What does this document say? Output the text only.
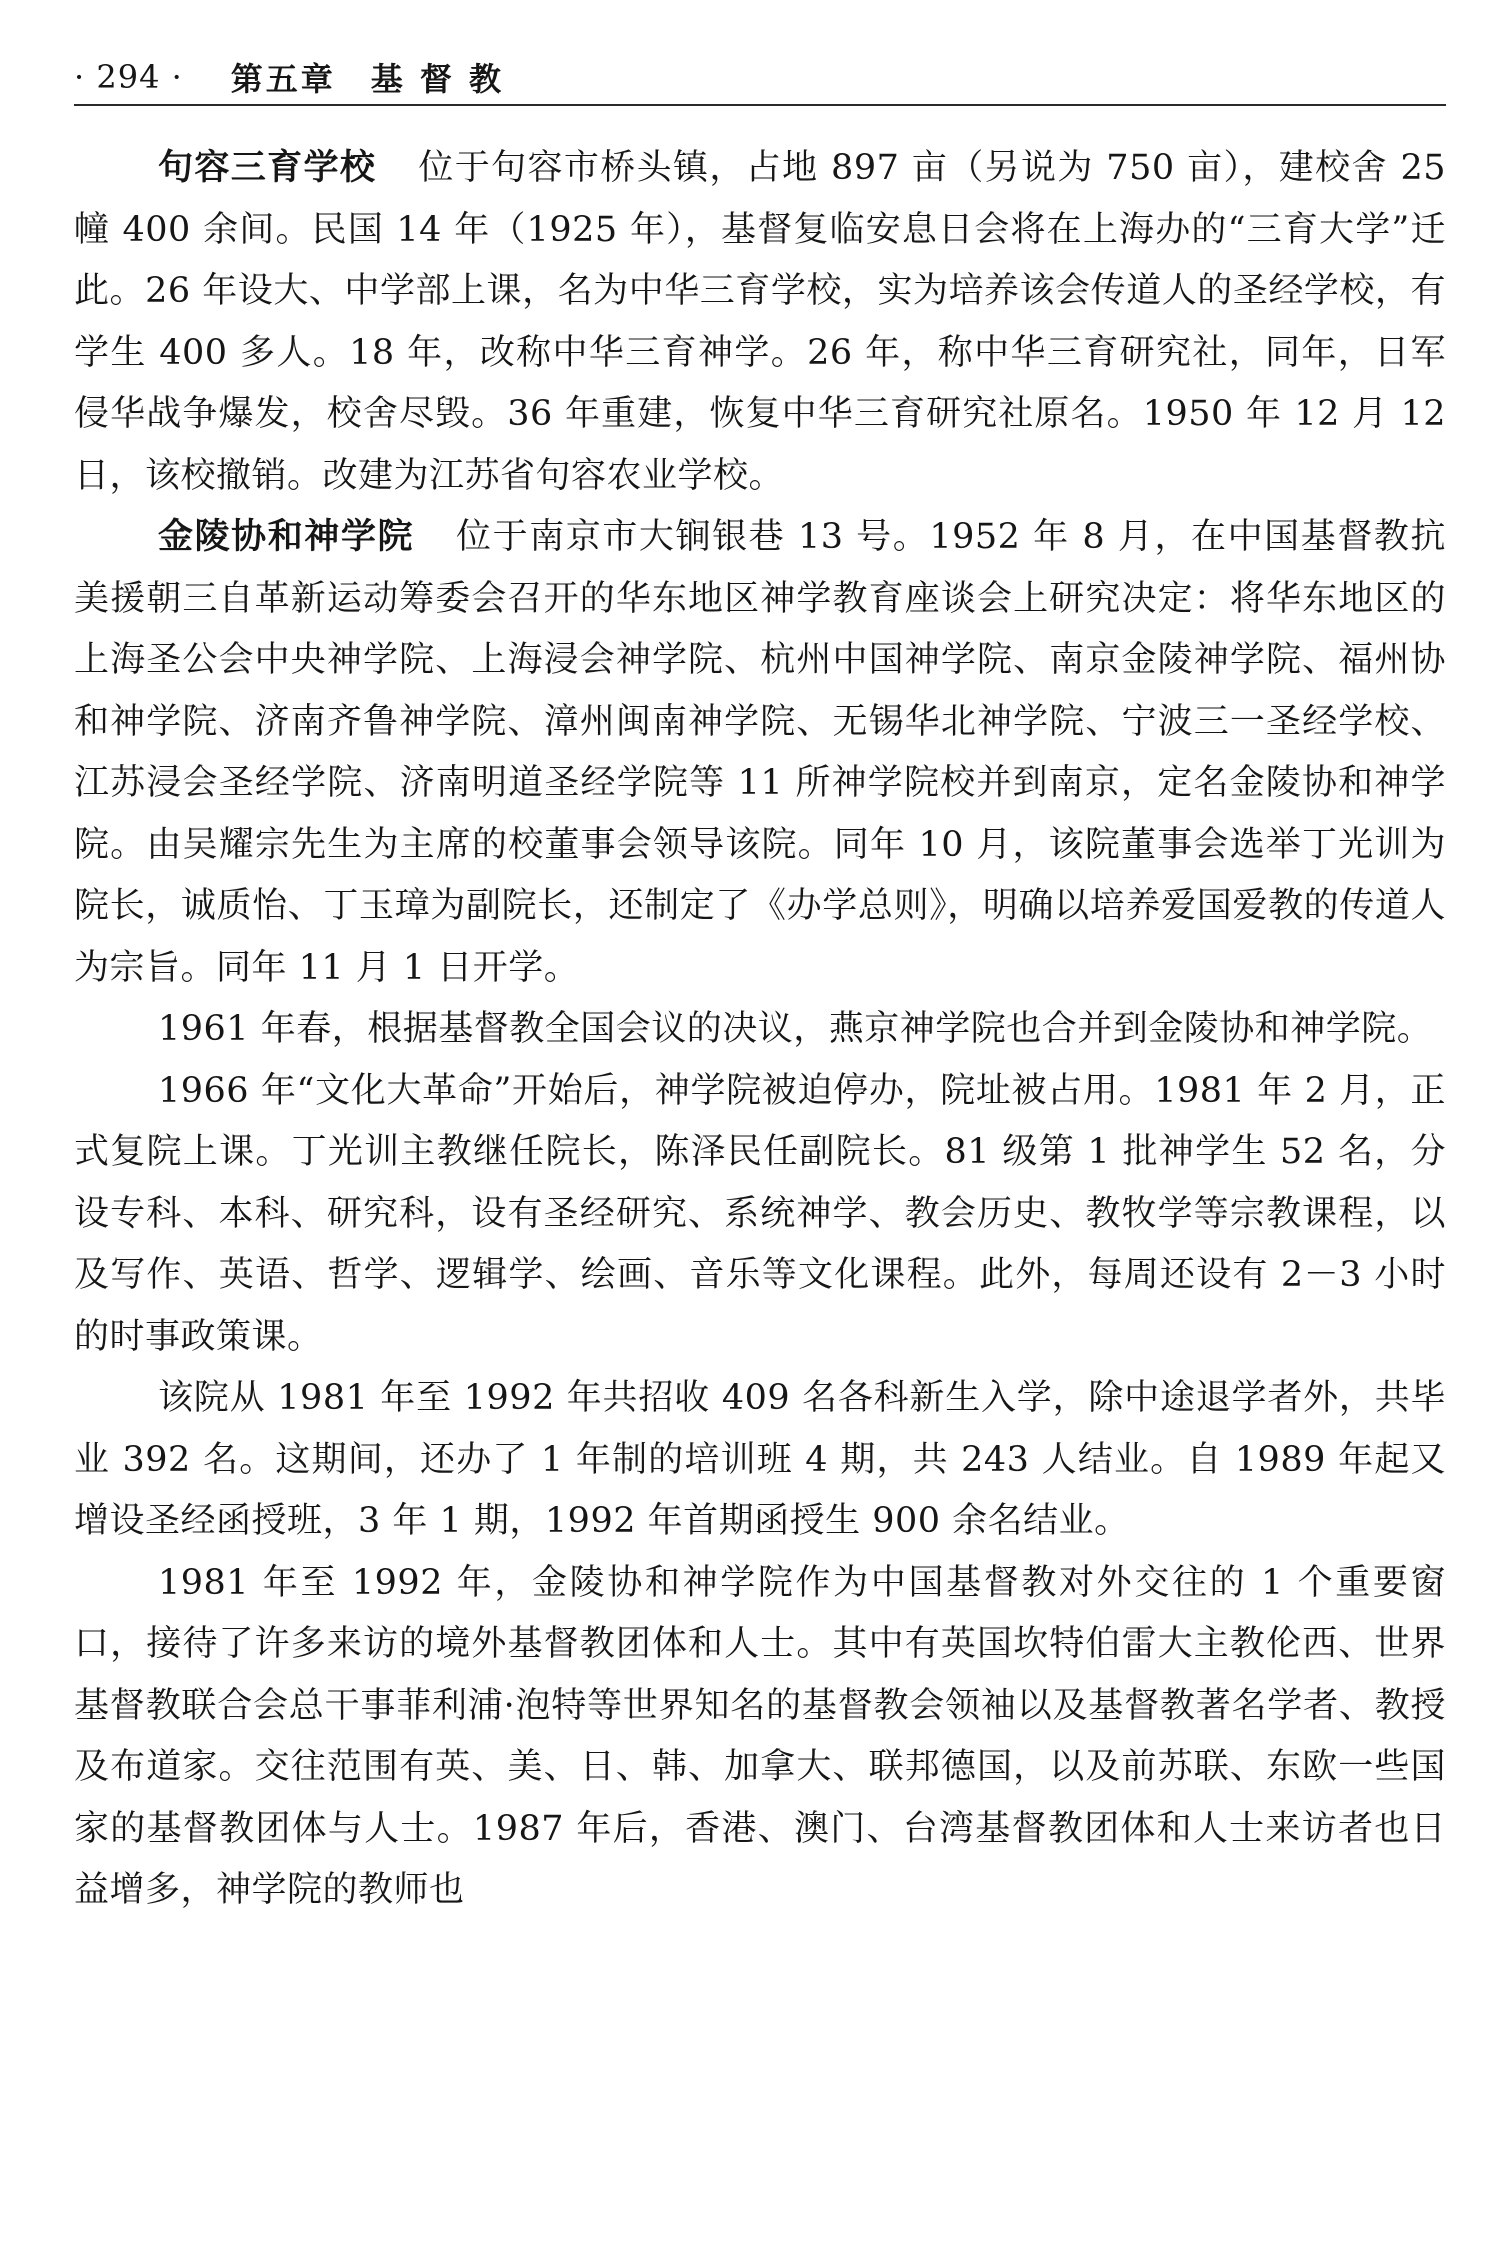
· 294 · 第五章　基 督 教

句容三育学校 位于句容市桥头镇，占地 897 亩（另说为 750 亩），建校舍 25 幢 400 余间。民国 14 年（1925 年），基督复临安息日会将在上海办的“三育大学”迁此。26 年设大、中学部上课，名为中华三育学校，实为培养该会传道人的圣经学校，有学生 400 多人。18 年，改称中华三育神学。26 年，称中华三育研究社，同年，日军侵华战争爆发，校舍尽毁。36 年重建，恢复中华三育研究社原名。1950 年 12 月 12 日，该校撤销。改建为江苏省句容农业学校。

金陵协和神学院 位于南京市大锏银巷 13 号。1952 年 8 月，在中国基督教抗美援朝三自革新运动筹委会召开的华东地区神学教育座谈会上研究决定：将华东地区的上海圣公会中央神学院、上海浸会神学院、杭州中国神学院、南京金陵神学院、福州协和神学院、济南齐鲁神学院、漳州闽南神学院、无锡华北神学院、宁波三一圣经学校、江苏浸会圣经学院、济南明道圣经学院等 11 所神学院校并到南京，定名金陵协和神学院。由吴耀宗先生为主席的校董事会领导该院。同年 10 月，该院董事会选举丁光训为院长，诚质怡、丁玉璋为副院长，还制定了《办学总则》，明确以培养爱国爱教的传道人为宗旨。同年 11 月 1 日开学。

1961 年春，根据基督教全国会议的决议，燕京神学院也合并到金陵协和神学院。

1966 年“文化大革命”开始后，神学院被迫停办，院址被占用。1981 年 2 月，正式复院上课。丁光训主教继任院长，陈泽民任副院长。81 级第 1 批神学生 52 名，分设专科、本科、研究科，设有圣经研究、系统神学、教会历史、教牧学等宗教课程，以及写作、英语、哲学、逻辑学、绘画、音乐等文化课程。此外，每周还设有 2－3 小时的时事政策课。

该院从 1981 年至 1992 年共招收 409 名各科新生入学，除中途退学者外，共毕业 392 名。这期间，还办了 1 年制的培训班 4 期，共 243 人结业。自 1989 年起又增设圣经函授班，3 年 1 期，1992 年首期函授生 900 余名结业。

1981 年至 1992 年，金陵协和神学院作为中国基督教对外交往的 1 个重要窗口，接待了许多来访的境外基督教团体和人士。其中有英国坎特伯雷大主教伦西、世界基督教联合会总干事菲利浦·泡特等世界知名的基督教会领袖以及基督教著名学者、教授及布道家。交往范围有英、美、日、韩、加拿大、联邦德国，以及前苏联、东欧一些国家的基督教团体与人士。1987 年后，香港、澳门、台湾基督教团体和人士来访者也日益增多，神学院的教师也
